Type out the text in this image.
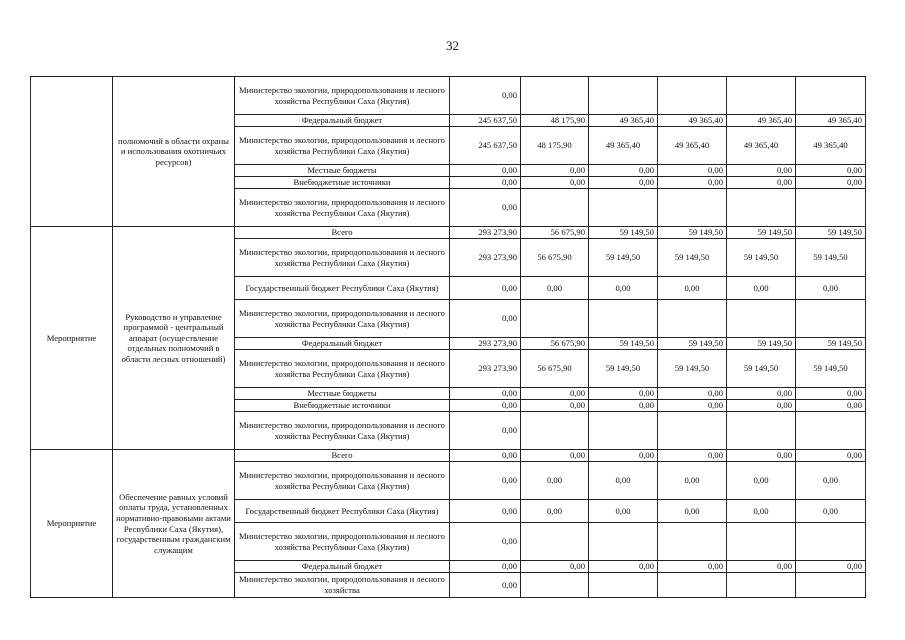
32
	полномочий в области охраны и использования охотничьих ресурсов)	Министерство экологии, природопользования и лесного хозяйства Республики Саха (Якутия)	0,00					
		Федеральный бюджет	245 637,50	48 175,90	49 365,40	49 365,40	49 365,40	49 365,40
		Министерство экологии, природопользования и лесного хозяйства Республики Саха (Якутия)	245 637,50	48 175,90	49 365,40	49 365,40	49 365,40	49 365,40
		Местные бюджеты	0,00	0,00	0,00	0,00	0,00	0,00
		Внебюджетные источники	0,00	0,00	0,00	0,00	0,00	0,00
		Министерство экологии, природопользования и лесного хозяйства Республики Саха (Якутия)	0,00					
Мероприятие	Руководство и управление программой - центральный аппарат (осуществление отдельных полномочий в области лесных отношений)	Всего	293 273,90	56 675,90	59 149,50	59 149,50	59 149,50	59 149,50
		Министерство экологии, природопользования и лесного хозяйства Республики Саха (Якутия)	293 273,90	56 675,90	59 149,50	59 149,50	59 149,50	59 149,50
		Государственный бюджет Республики Саха (Якутия)	0,00	0,00	0,00	0,00	0,00	0,00
		Министерство экологии, природопользования и лесного хозяйства Республики Саха (Якутия)	0,00					
		Федеральный бюджет	293 273,90	56 675,90	59 149,50	59 149,50	59 149,50	59 149,50
		Министерство экологии, природопользования и лесного хозяйства Республики Саха (Якутия)	293 273,90	56 675,90	59 149,50	59 149,50	59 149,50	59 149,50
		Местные бюджеты	0,00	0,00	0,00	0,00	0,00	0,00
		Внебюджетные источники	0,00	0,00	0,00	0,00	0,00	0,00
		Министерство экологии, природопользования и лесного хозяйства Республики Саха (Якутия)	0,00					
Мероприятие	Обеспечение равных условий оплаты труда, установленных нормативно-правовыми актами Республики Саха (Якутия), государственным гражданским служащим	Всего	0,00	0,00	0,00	0,00	0,00	0,00
		Министерство экологии, природопользования и лесного хозяйства Республики Саха (Якутия)	0,00	0,00	0,00	0,00	0,00	0,00
		Государственный бюджет Республики Саха (Якутия)	0,00	0,00	0,00	0,00	0,00	0,00
		Министерство экологии, природопользования и лесного хозяйства Республики Саха (Якутия)	0,00					
		Федеральный бюджет	0,00	0,00	0,00	0,00	0,00	0,00
		Министерство экологии, природопользования и лесного хозяйства	0,00					
